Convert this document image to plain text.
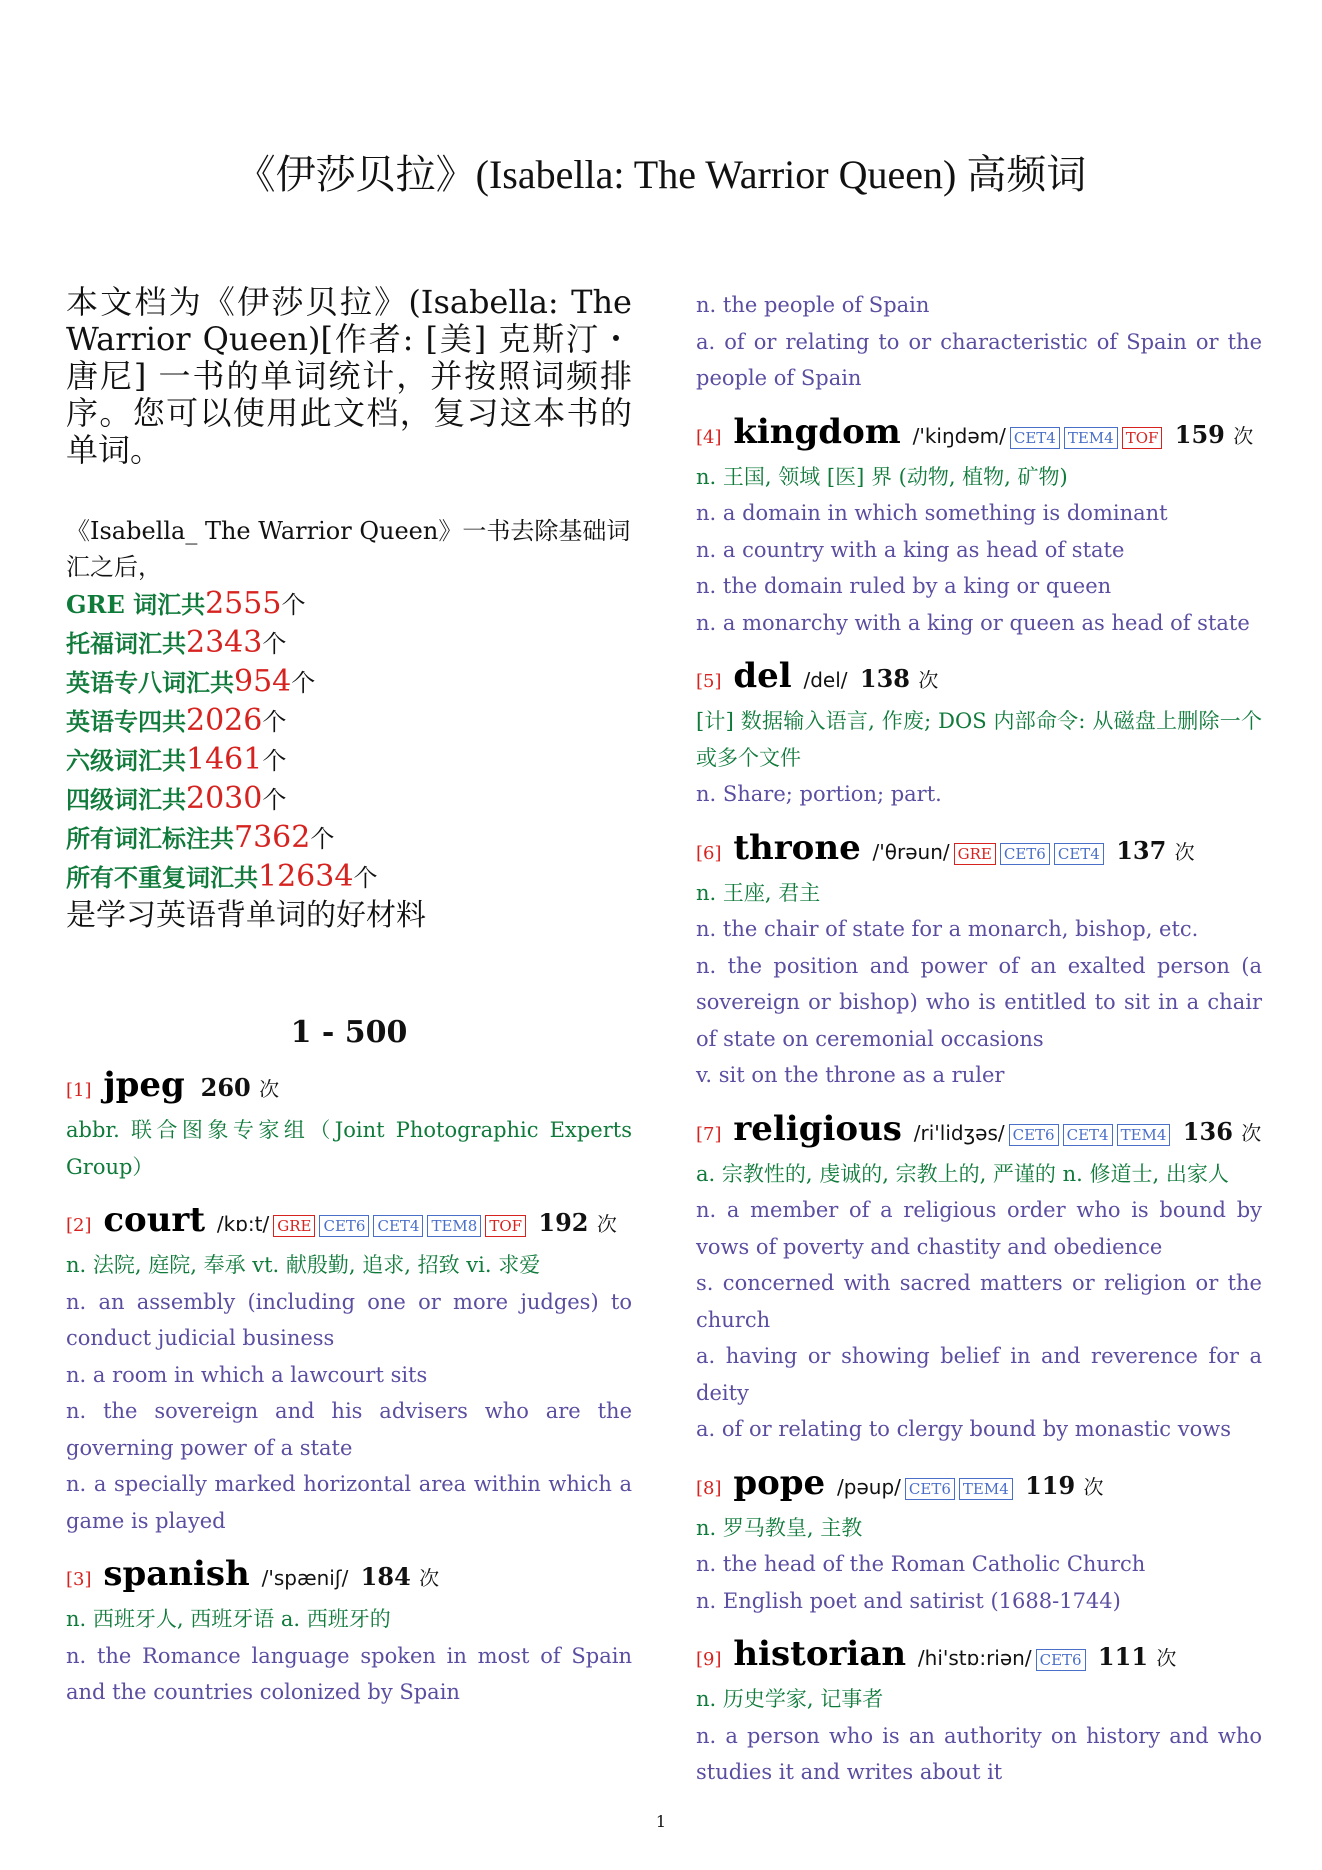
《伊莎贝拉》(Isabella: The Warrior Queen) 高频词
本文档为《伊莎贝拉》(Isabella: The Warrior Queen)[作者: [美] 克斯汀・唐尼] 一书的单词统计，并按照词频排序。您可以使用此文档，复习这本书的单词。
《Isabella_ The Warrior Queen》一书去除基础词汇之后，
GRE 词汇共2555个
托福词汇共2343个
英语专八词汇共954个
英语专四共2026个
六级词汇共1461个
四级词汇共2030个
所有词汇标注共7362个
所有不重复词汇共12634个
是学习英语背单词的好材料
1 - 500
[1] jpeg 260 次
abbr. 联合图象专家组（Joint Photographic Experts Group）
[2] court /kɒ:t/ GRE CET6 CET4 TEM8 TOF 192 次
n. 法院, 庭院, 奉承 vt. 献殷勤, 追求, 招致 vi. 求爱
n. an assembly (including one or more judges) to conduct judicial business
n. a room in which a lawcourt sits
n. the sovereign and his advisers who are the governing power of a state
n. a specially marked horizontal area within which a game is played
[3] spanish /'spæniʃ/ 184 次
n. 西班牙人, 西班牙语 a. 西班牙的
n. the Romance language spoken in most of Spain and the countries colonized by Spain
n. the people of Spain
a. of or relating to or characteristic of Spain or the people of Spain
[4] kingdom /'kiŋdəm/ CET4 TEM4 TOF 159 次
n. 王国, 领域 [医] 界 (动物, 植物, 矿物)
n. a domain in which something is dominant
n. a country with a king as head of state
n. the domain ruled by a king or queen
n. a monarchy with a king or queen as head of state
[5] del /del/ 138 次
[计] 数据输入语言, 作废; DOS 内部命令: 从磁盘上删除一个或多个文件
n. Share; portion; part.
[6] throne /'θrəun/ GRE CET6 CET4 137 次
n. 王座, 君主
n. the chair of state for a monarch, bishop, etc.
n. the position and power of an exalted person (a sovereign or bishop) who is entitled to sit in a chair of state on ceremonial occasions
v. sit on the throne as a ruler
[7] religious /ri'lidʒəs/ CET6 CET4 TEM4 136 次
a. 宗教性的, 虔诚的, 宗教上的, 严谨的 n. 修道士, 出家人
n. a member of a religious order who is bound by vows of poverty and chastity and obedience
s. concerned with sacred matters or religion or the church
a. having or showing belief in and reverence for a deity
a. of or relating to clergy bound by monastic vows
[8] pope /pəup/ CET6 TEM4 119 次
n. 罗马教皇, 主教
n. the head of the Roman Catholic Church
n. English poet and satirist (1688-1744)
[9] historian /hi'stɒ:riən/ CET6 111 次
n. 历史学家, 记事者
n. a person who is an authority on history and who studies it and writes about it
1
